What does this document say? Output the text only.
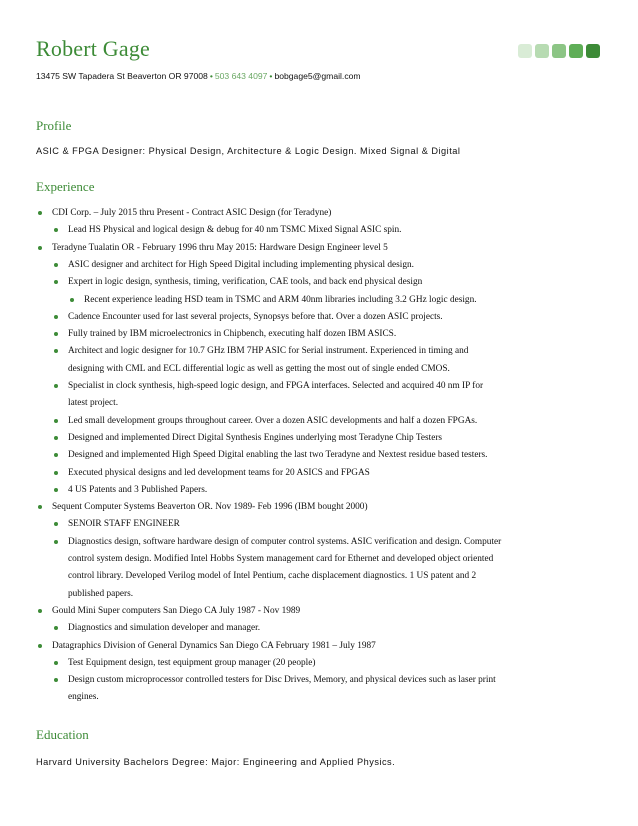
Robert Gage
13475 SW Tapadera St Beaverton OR 97008 • 503 643 4097 • bobgage5@gmail.com
Profile
ASIC & FPGA Designer: Physical Design, Architecture & Logic Design. Mixed Signal & Digital
Experience
CDI Corp. – July 2015 thru Present - Contract ASIC Design (for Teradyne)
Lead HS Physical and logical design & debug for 40 nm TSMC Mixed Signal ASIC spin.
Teradyne Tualatin OR - February 1996 thru May 2015: Hardware Design Engineer level 5
ASIC designer and architect for High Speed Digital including implementing physical design.
Expert in logic design, synthesis, timing, verification, CAE tools, and back end physical design
Recent experience leading HSD team in TSMC and ARM 40nm libraries including 3.2 GHz logic design.
Cadence Encounter used for last several projects, Synopsys before that. Over a dozen ASIC projects.
Fully trained by IBM microelectronics in Chipbench, executing half dozen IBM ASICS.
Architect and logic designer for 10.7 GHz IBM 7HP ASIC for Serial instrument. Experienced in timing and
designing with CML and ECL differential logic as well as getting the most out of single ended CMOS.
Specialist in clock synthesis, high-speed logic design, and FPGA interfaces. Selected and acquired 40 nm IP for
latest project.
Led small development groups throughout career. Over a dozen ASIC developments and half a dozen FPGAs.
Designed and implemented Direct Digital Synthesis Engines underlying most Teradyne Chip Testers
Designed and implemented High Speed Digital enabling the last two Teradyne and Nextest residue based testers.
Executed physical designs and led development teams for 20 ASICS and FPGAS
4 US Patents and 3 Published Papers.
Sequent Computer Systems Beaverton OR. Nov 1989- Feb 1996 (IBM bought 2000)
SENOIR STAFF ENGINEER
Diagnostics design, software hardware design of computer control systems. ASIC verification and design. Computer
control system design. Modified Intel Hobbs System management card for Ethernet and developed object oriented
control library. Developed Verilog model of Intel Pentium, cache displacement diagnostics. 1 US patent and 2
published papers.
Gould Mini Super computers San Diego CA July 1987 - Nov 1989
Diagnostics and simulation developer and manager.
Datagraphics Division of General Dynamics San Diego CA February 1981 – July 1987
Test Equipment design, test equipment group manager (20 people)
Design custom microprocessor controlled testers for Disc Drives, Memory, and physical devices such as laser print
engines.
Education
Harvard University Bachelors Degree: Major: Engineering and Applied Physics.
